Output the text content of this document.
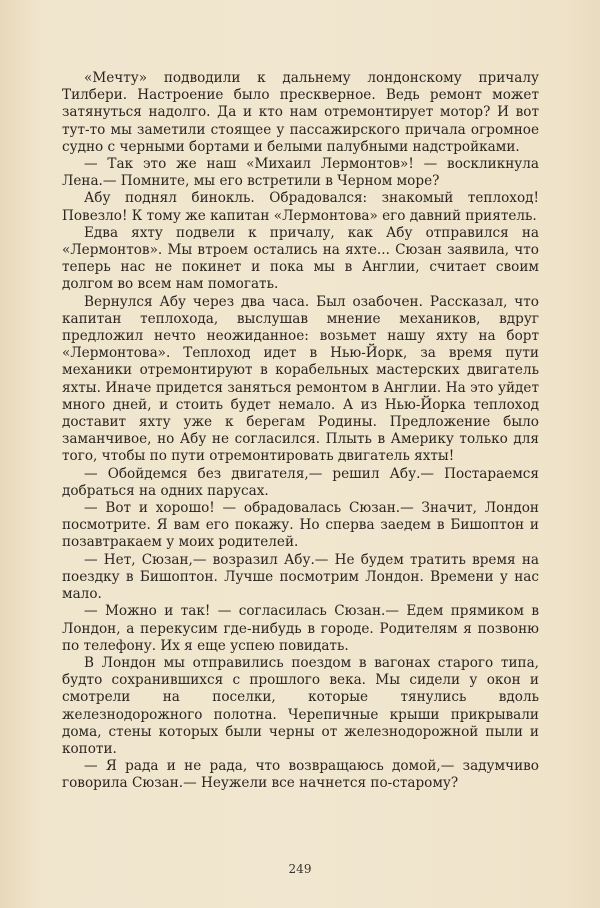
«Мечту» подводили к дальнему лондонскому причалу Тилбери. Настроение было прескверное. Ведь ремонт может затянуться надолго. Да и кто нам отремонтирует мотор? И вот тут-то мы заметили стоящее у пассажирского причала огромное судно с черными бортами и белыми палубными надстройками.

— Так это же наш «Михаил Лермонтов»! — воскликнула Лена.— Помните, мы его встретили в Черном море?

Абу поднял бинокль. Обрадовался: знакомый теплоход! Повезло! К тому же капитан «Лермонтова» его давний приятель.

Едва яхту подвели к причалу, как Абу отправился на «Лермонтов». Мы втроем остались на яхте... Сюзан заявила, что теперь нас не покинет и пока мы в Англии, считает своим долгом во всем нам помогать.

Вернулся Абу через два часа. Был озабочен. Рассказал, что капитан теплохода, выслушав мнение механиков, вдруг предложил нечто неожиданное: возьмет нашу яхту на борт «Лермонтова». Теплоход идет в Нью-Йорк, за время пути механики отремонтируют в корабельных мастерских двигатель яхты. Иначе придется заняться ремонтом в Англии. На это уйдет много дней, и стоить будет немало. А из Нью-Йорка теплоход доставит яхту уже к берегам Родины. Предложение было заманчивое, но Абу не согласился. Плыть в Америку только для того, чтобы по пути отремонтировать двигатель яхты!

— Обойдемся без двигателя,— решил Абу.— Постараемся добраться на одних парусах.

— Вот и хорошо! — обрадовалась Сюзан.— Значит, Лондон посмотрите. Я вам его покажу. Но сперва заедем в Бишоптон и позавтракаем у моих родителей.

— Нет, Сюзан,— возразил Абу.— Не будем тратить время на поездку в Бишоптон. Лучше посмотрим Лондон. Времени у нас мало.

— Можно и так! — согласилась Сюзан.— Едем прямиком в Лондон, а перекусим где-нибудь в городе. Родителям я позвоню по телефону. Их я еще успею повидать.

В Лондон мы отправились поездом в вагонах старого типа, будто сохранившихся с прошлого века. Мы сидели у окон и смотрели на поселки, которые тянулись вдоль железнодорожного полотна. Черепичные крыши прикрывали дома, стены которых были черны от железнодорожной пыли и копоти.

— Я рада и не рада, что возвращаюсь домой,— задумчиво говорила Сюзан.— Неужели все начнется по-старому?

249
